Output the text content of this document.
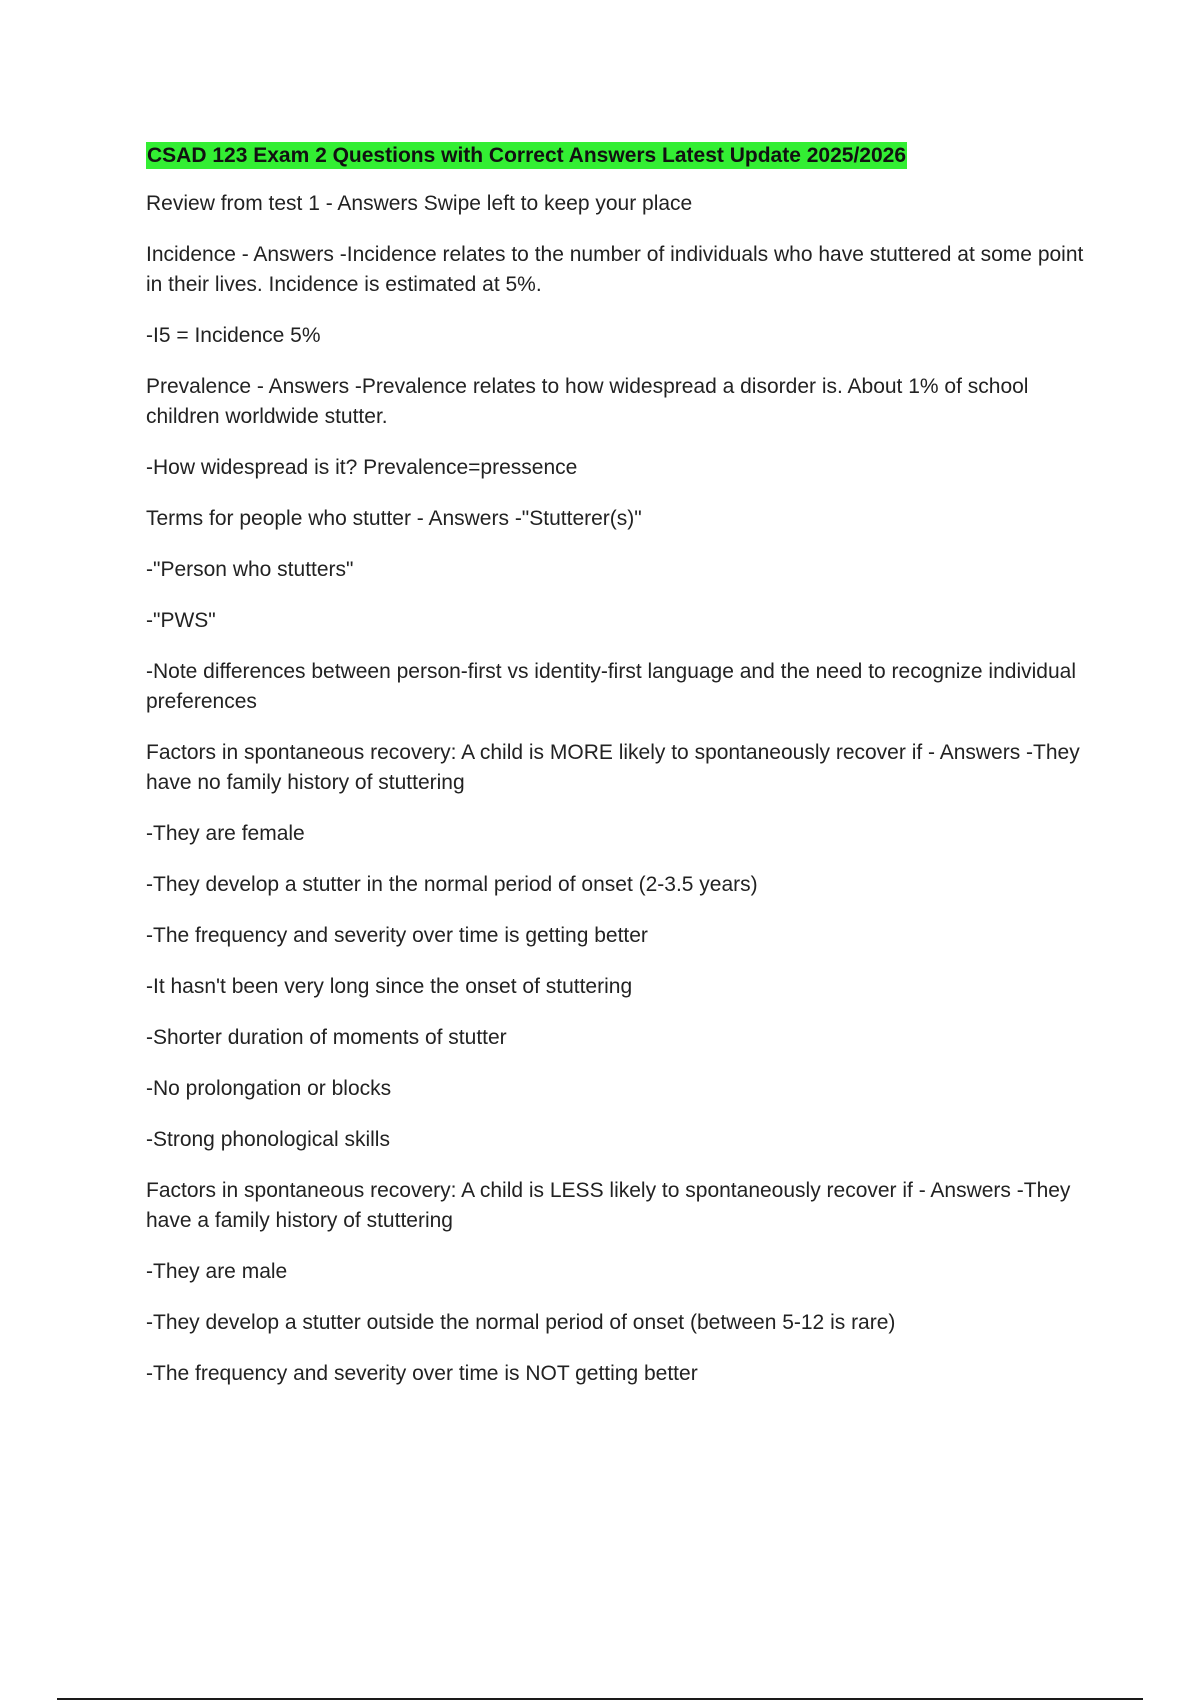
CSAD 123 Exam 2 Questions with Correct Answers Latest Update 2025/2026

Review from test 1 - Answers Swipe left to keep your place

Incidence - Answers -Incidence relates to the number of individuals who have stuttered at some point in their lives. Incidence is estimated at 5%.

-I5 = Incidence 5%

Prevalence - Answers -Prevalence relates to how widespread a disorder is. About 1% of school children worldwide stutter.

-How widespread is it? Prevalence=pressence

Terms for people who stutter - Answers -"Stutterer(s)"

-"Person who stutters"

-"PWS"

-Note differences between person-first vs identity-first language and the need to recognize individual preferences

Factors in spontaneous recovery: A child is MORE likely to spontaneously recover if - Answers -They have no family history of stuttering

-They are female

-They develop a stutter in the normal period of onset (2-3.5 years)

-The frequency and severity over time is getting better

-It hasn't been very long since the onset of stuttering

-Shorter duration of moments of stutter

-No prolongation or blocks

-Strong phonological skills

Factors in spontaneous recovery: A child is LESS likely to spontaneously recover if - Answers -They have a family history of stuttering

-They are male

-They develop a stutter outside the normal period of onset (between 5-12 is rare)

-The frequency and severity over time is NOT getting better
